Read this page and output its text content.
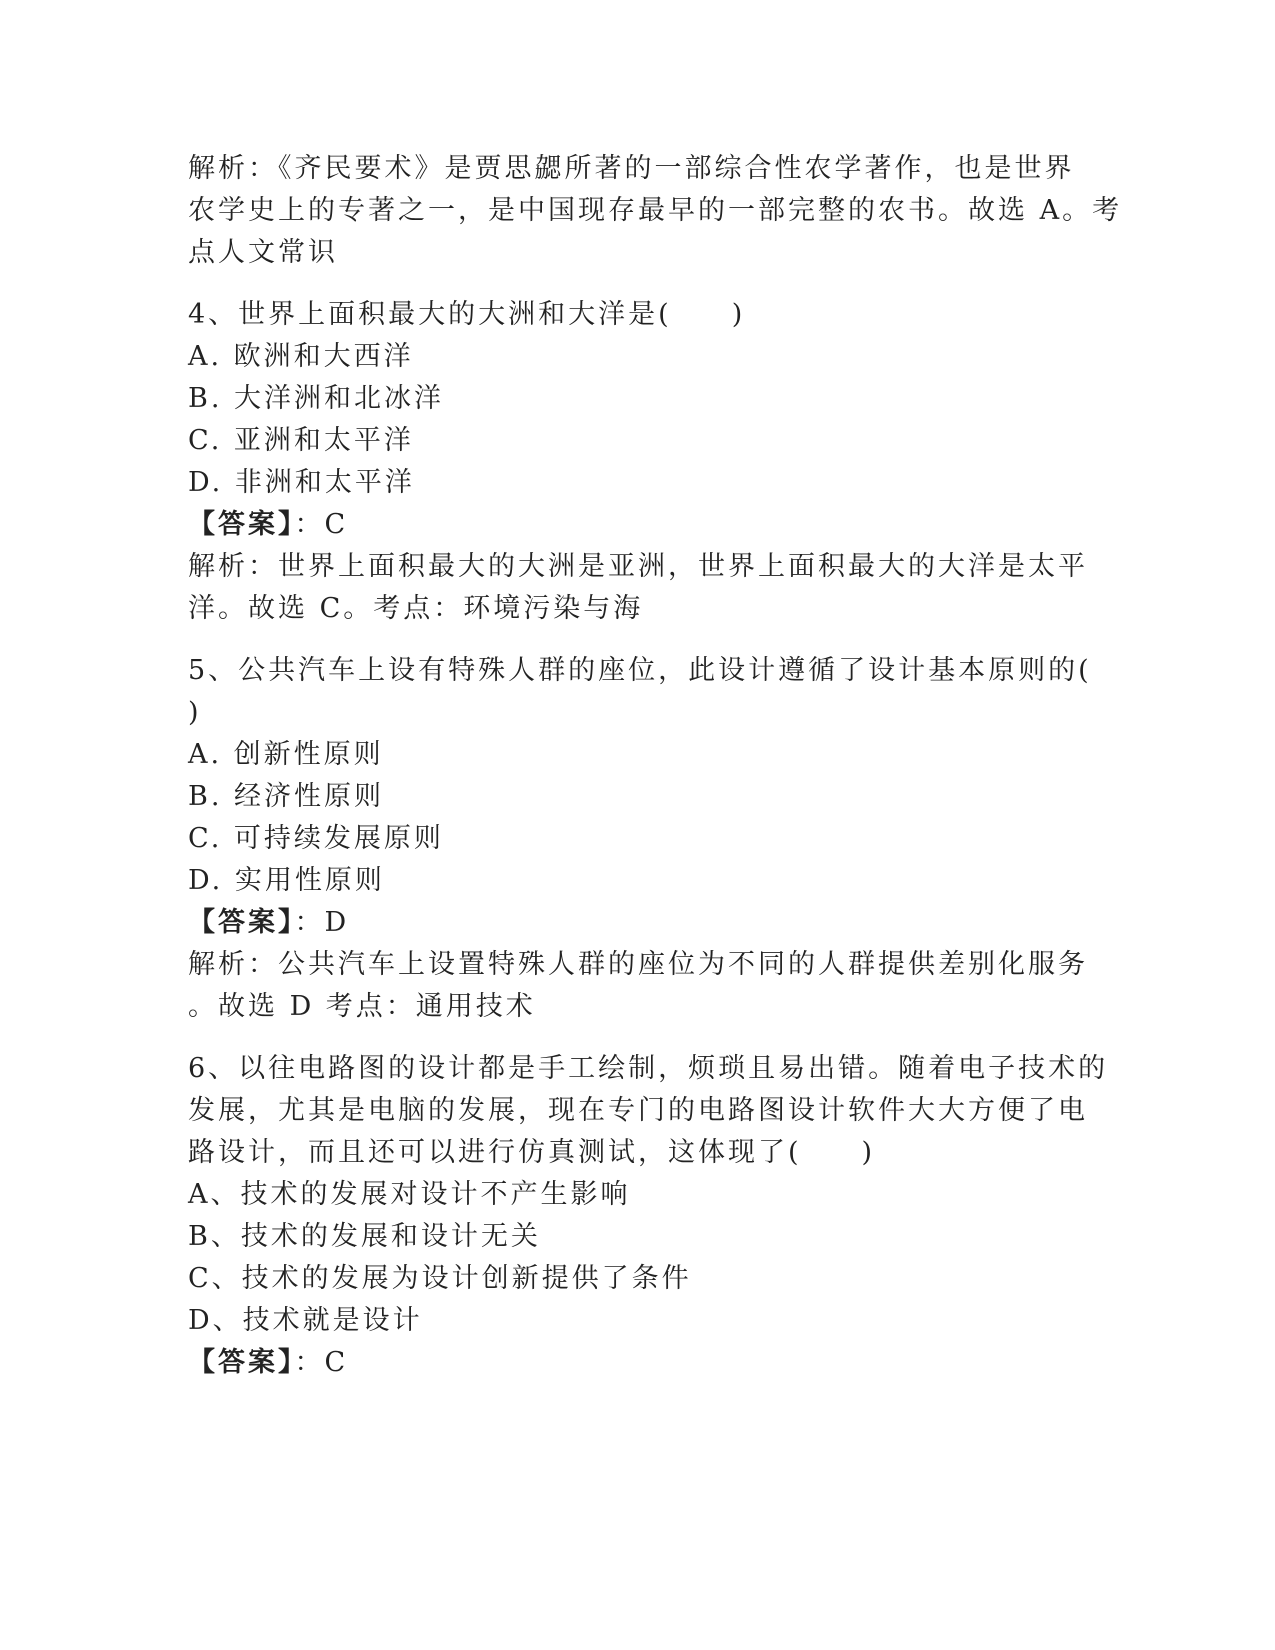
解析：《齐民要术》是贾思勰所著的一部综合性农学著作，也是世界

农学史上的专著之一，是中国现存最早的一部完整的农书。故选 A。考

点人文常识

4、世界上面积最大的大洲和大洋是(　　)

A. 欧洲和大西洋

B. 大洋洲和北冰洋

C. 亚洲和太平洋

D. 非洲和太平洋

【答案】：C

解析：世界上面积最大的大洲是亚洲，世界上面积最大的大洋是太平

洋。故选 C。考点：环境污染与海

5、公共汽车上设有特殊人群的座位，此设计遵循了设计基本原则的(

)

A. 创新性原则

B. 经济性原则

C. 可持续发展原则

D. 实用性原则

【答案】：D

解析：公共汽车上设置特殊人群的座位为不同的人群提供差别化服务

。故选 D 考点：通用技术

6、以往电路图的设计都是手工绘制，烦琐且易出错。随着电子技术的

发展，尤其是电脑的发展，现在专门的电路图设计软件大大方便了电

路设计，而且还可以进行仿真测试，这体现了(　　)

A、技术的发展对设计不产生影响

B、技术的发展和设计无关

C、技术的发展为设计创新提供了条件

D、技术就是设计

【答案】：C
